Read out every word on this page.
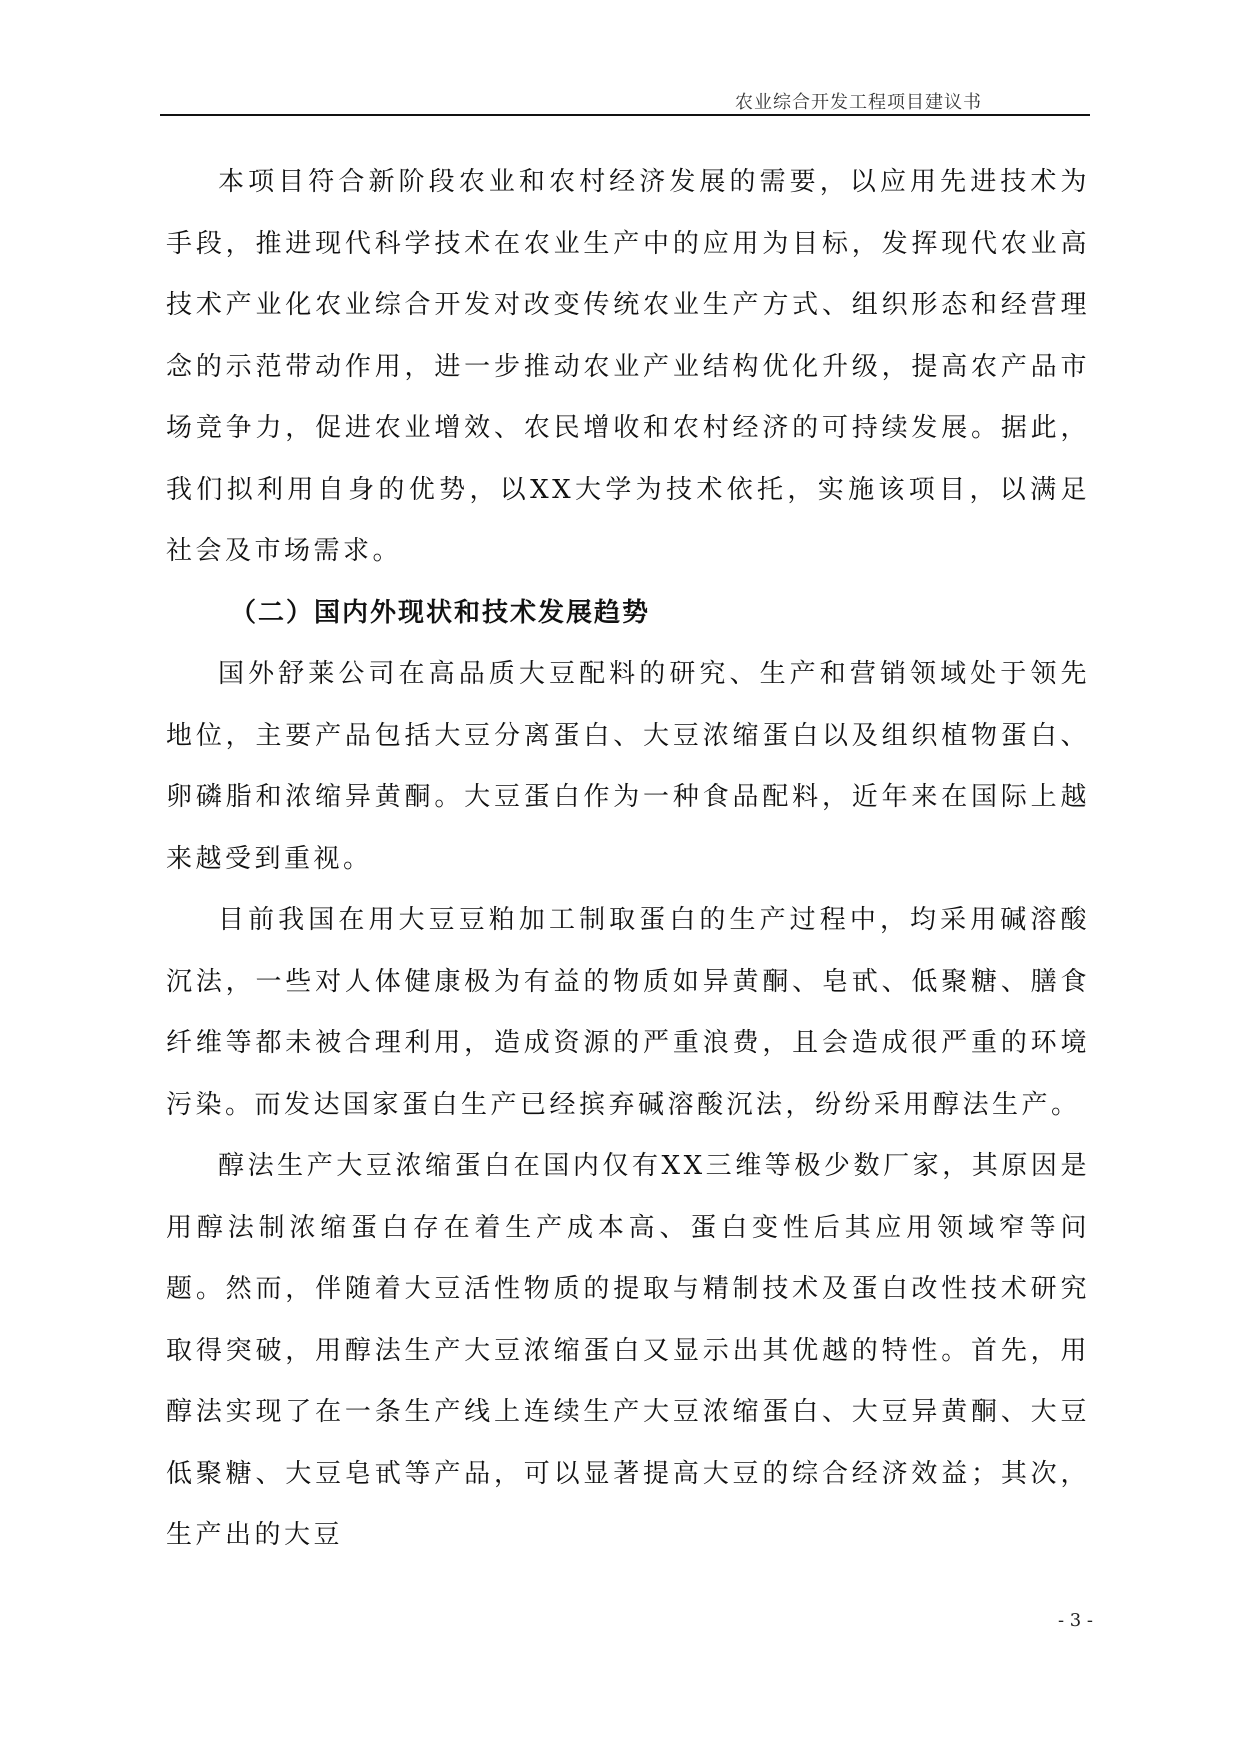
农业综合开发工程项目建议书

本项目符合新阶段农业和农村经济发展的需要，以应用先进技术为手段，推进现代科学技术在农业生产中的应用为目标，发挥现代农业高技术产业化农业综合开发对改变传统农业生产方式、组织形态和经营理念的示范带动作用，进一步推动农业产业结构优化升级，提高农产品市场竞争力，促进农业增效、农民增收和农村经济的可持续发展。据此，我们拟利用自身的优势，以XX大学为技术依托，实施该项目，以满足社会及市场需求。

（二）国内外现状和技术发展趋势

国外舒莱公司在高品质大豆配料的研究、生产和营销领域处于领先地位，主要产品包括大豆分离蛋白、大豆浓缩蛋白以及组织植物蛋白、卵磷脂和浓缩异黄酮。大豆蛋白作为一种食品配料，近年来在国际上越来越受到重视。

目前我国在用大豆豆粕加工制取蛋白的生产过程中，均采用碱溶酸沉法，一些对人体健康极为有益的物质如异黄酮、皂甙、低聚糖、膳食纤维等都未被合理利用，造成资源的严重浪费，且会造成很严重的环境污染。而发达国家蛋白生产已经摈弃碱溶酸沉法，纷纷采用醇法生产。

醇法生产大豆浓缩蛋白在国内仅有XX三维等极少数厂家，其原因是用醇法制浓缩蛋白存在着生产成本高、蛋白变性后其应用领域窄等问题。然而，伴随着大豆活性物质的提取与精制技术及蛋白改性技术研究取得突破，用醇法生产大豆浓缩蛋白又显示出其优越的特性。首先，用醇法实现了在一条生产线上连续生产大豆浓缩蛋白、大豆异黄酮、大豆低聚糖、大豆皂甙等产品，可以显著提高大豆的综合经济效益；其次，生产出的大豆

- 3 -
